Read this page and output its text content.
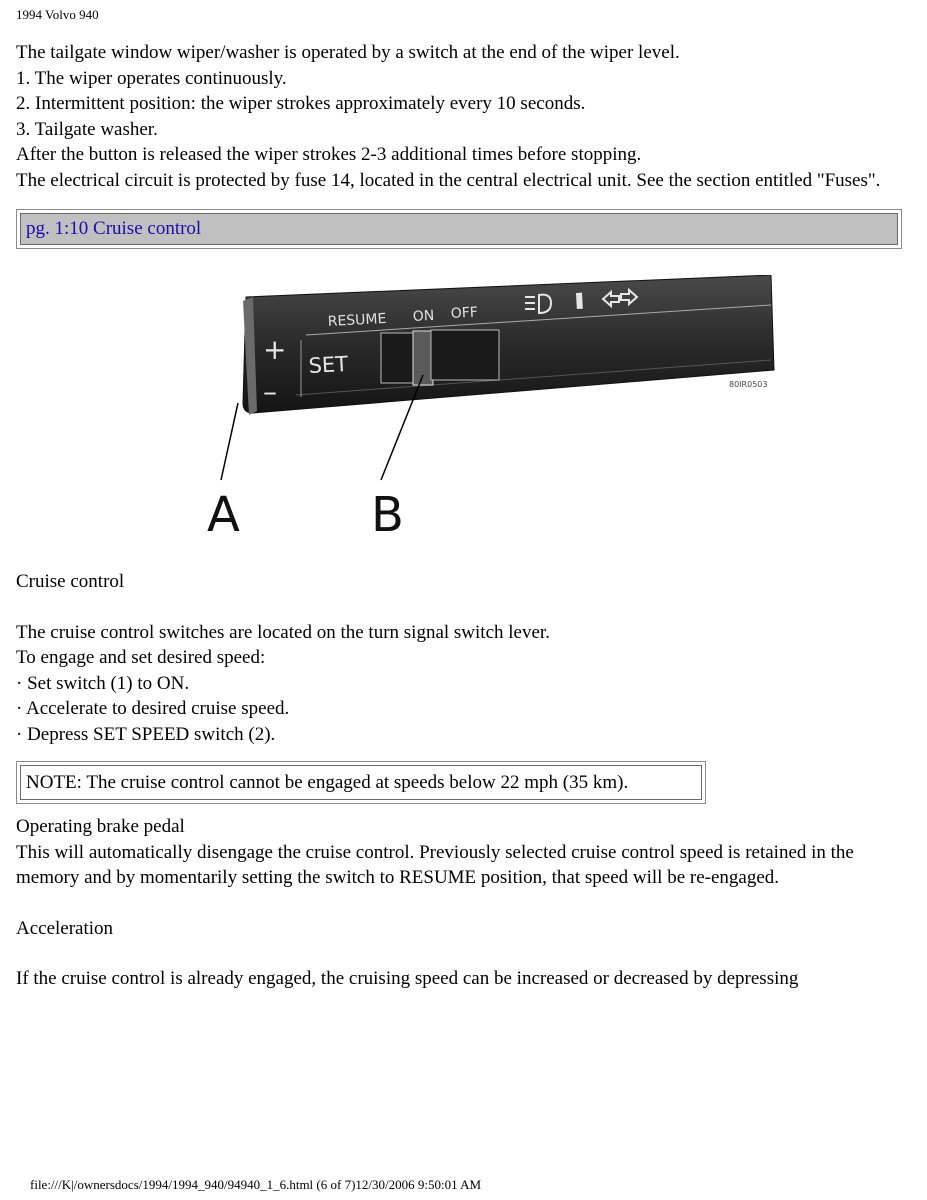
1994 Volvo 940

The tailgate window wiper/washer is operated by a switch at the end of the wiper level.

1. The wiper operates continuously.

2. Intermittent position: the wiper strokes approximately every 10 seconds.

3. Tailgate washer.

After the button is released the wiper strokes 2-3 additional times before stopping.

The electrical circuit is protected by fuse 14, located in the central electrical unit. See the section entitled "Fuses".

pg. 1:10 Cruise control
RESUME ON OFF
SET
+
–	80IR0503
A	B

Cruise control

The cruise control switches are located on the turn signal switch lever.

To engage and set desired speed:

· Set switch (1) to ON.

· Accelerate to desired cruise speed.

· Depress SET SPEED switch (2).

NOTE: The cruise control cannot be engaged at speeds below 22 mph (35 km).

Operating brake pedal

This will automatically disengage the cruise control. Previously selected cruise control speed is retained in the memory and by momentarily setting the switch to RESUME position, that speed will be re-engaged.

Acceleration

If the cruise control is already engaged, the cruising speed can be increased or decreased by depressing

file:///K|/ownersdocs/1994/1994_940/94940_1_6.html (6 of 7)12/30/2006 9:50:01 AM
